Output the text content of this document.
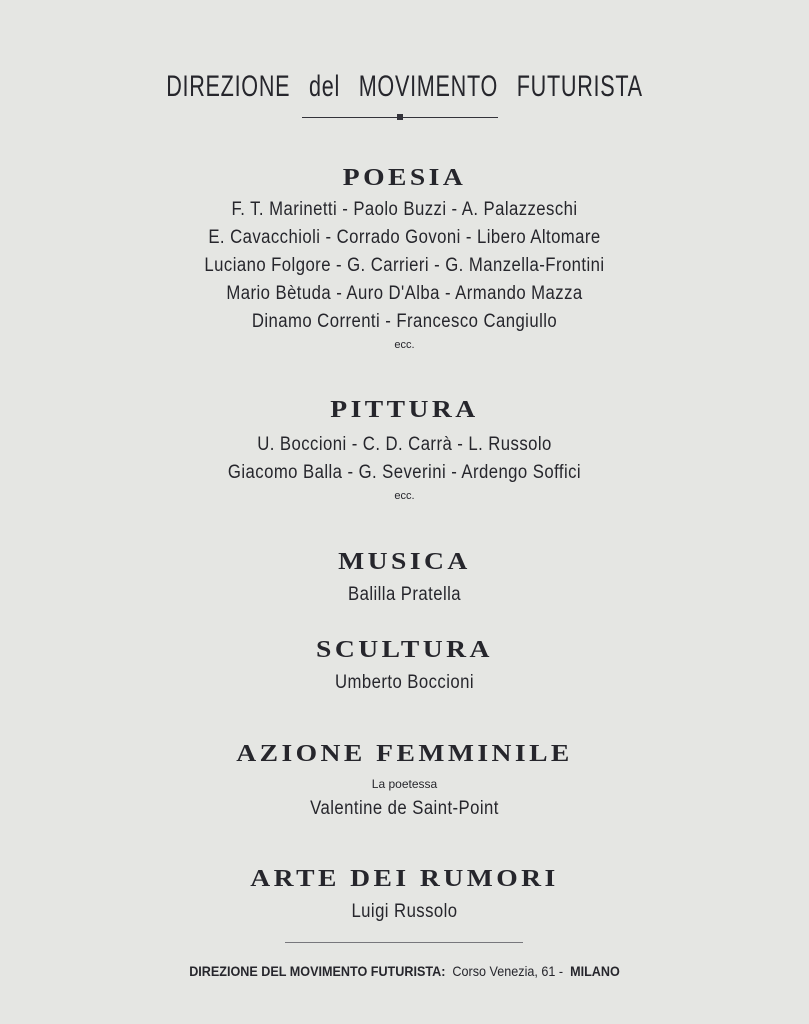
DIREZIONE del MOVIMENTO FUTURISTA
POESIA
F. T. Marinetti - Paolo Buzzi - A. Palazzeschi
E. Cavacchioli - Corrado Govoni - Libero Altomare
Luciano Folgore - G. Carrieri - G. Manzella-Frontini
Mario Bètuda - Auro D'Alba - Armando Mazza
Dinamo Correnti - Francesco Cangiullo
ecc.
PITTURA
U. Boccioni - C. D. Carrà - L. Russolo
Giacomo Balla - G. Severini - Ardengo Soffici
ecc.
MUSICA
Balilla Pratella
SCULTURA
Umberto Boccioni
AZIONE FEMMINILE
La poetessa
Valentine de Saint-Point
ARTE DEI RUMORI
Luigi Russolo
DIREZIONE DEL MOVIMENTO FUTURISTA: Corso Venezia, 61 - MILANO
